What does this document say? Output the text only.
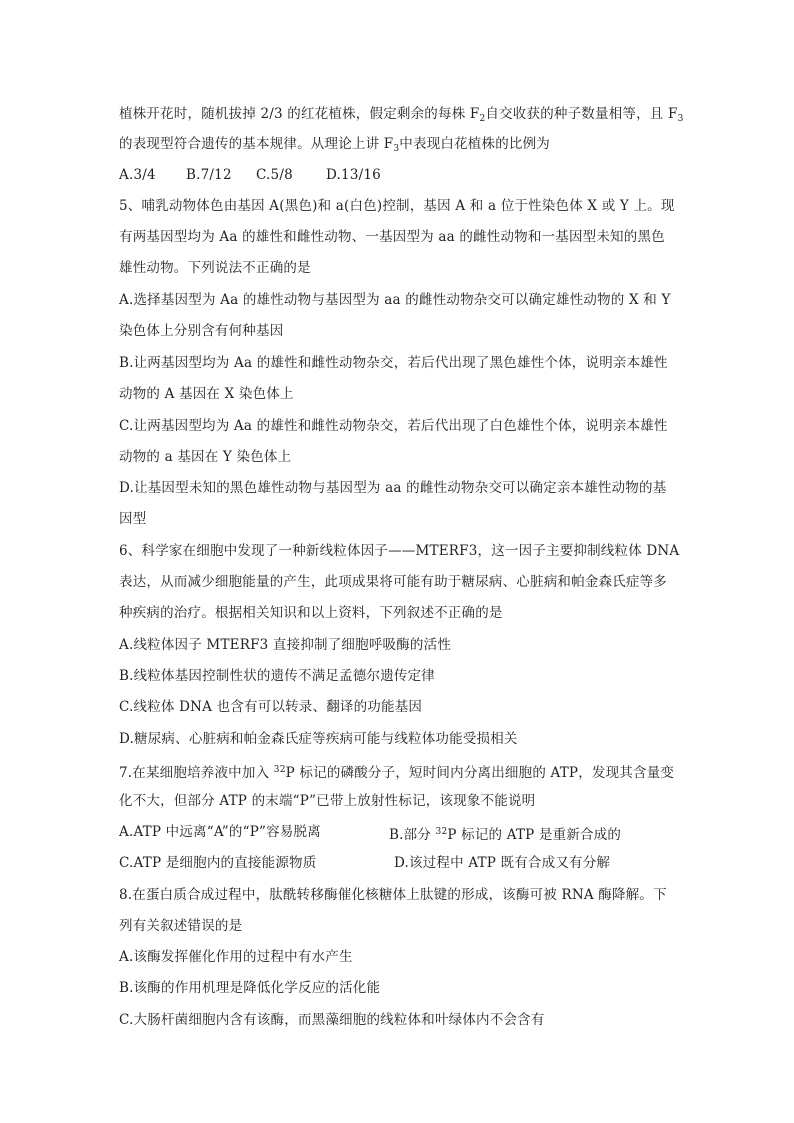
植株开花时，随机拔掉 2/3 的红花植株，假定剩余的每株 $F_2$自交收获的种子数量相等，且 $F_3$
的表现型符合遗传的基本规律。从理论上讲 $F_3$中表现白花植株的比例为
A.3/4	B.7/12	C.5/8	D.13/16
5、哺乳动物体色由基因 A(黑色)和 a(白色)控制，基因 A 和 a 位于性染色体 X 或 Y 上。现
有两基因型均为 Aa 的雄性和雌性动物、一基因型为 aa 的雌性动物和一基因型未知的黑色
雄性动物。下列说法不正确的是
A.选择基因型为 Aa 的雄性动物与基因型为 aa 的雌性动物杂交可以确定雄性动物的 X 和 Y
染色体上分别含有何种基因
B.让两基因型均为 Aa 的雄性和雌性动物杂交，若后代出现了黑色雄性个体，说明亲本雄性
动物的 A 基因在 X 染色体上
C.让两基因型均为 Aa 的雄性和雌性动物杂交，若后代出现了白色雄性个体，说明亲本雄性
动物的 a 基因在 Y 染色体上
D.让基因型未知的黑色雄性动物与基因型为 aa 的雌性动物杂交可以确定亲本雄性动物的基
因型
6、科学家在细胞中发现了一种新线粒体因子——MTERF3，这一因子主要抑制线粒体 DNA
表达，从而减少细胞能量的产生，此项成果将可能有助于糖尿病、心脏病和帕金森氏症等多
种疾病的治疗。根据相关知识和以上资料，下列叙述不正确的是
A.线粒体因子 MTERF3 直接抑制了细胞呼吸酶的活性
B.线粒体基因控制性状的遗传不满足孟德尔遗传定律
C.线粒体 DNA 也含有可以转录、翻译的功能基因
D.糖尿病、心脏病和帕金森氏症等疾病可能与线粒体功能受损相关
7.在某细胞培养液中加入 $^{32}$P 标记的磷酸分子，短时间内分离出细胞的 ATP，发现其含量变
化不大，但部分 ATP 的末端“P”已带上放射性标记，该现象不能说明
A.ATP 中远离“A”的“P”容易脱离	B.部分 $^{32}$P 标记的 ATP 是重新合成的
C.ATP 是细胞内的直接能源物质	D.该过程中 ATP 既有合成又有分解
8.在蛋白质合成过程中，肽酰转移酶催化核糖体上肽键的形成，该酶可被 RNA 酶降解。下
列有关叙述错误的是
A.该酶发挥催化作用的过程中有水产生
B.该酶的作用机理是降低化学反应的活化能
C.大肠杆菌细胞内含有该酶，而黑藻细胞的线粒体和叶绿体内不会含有
